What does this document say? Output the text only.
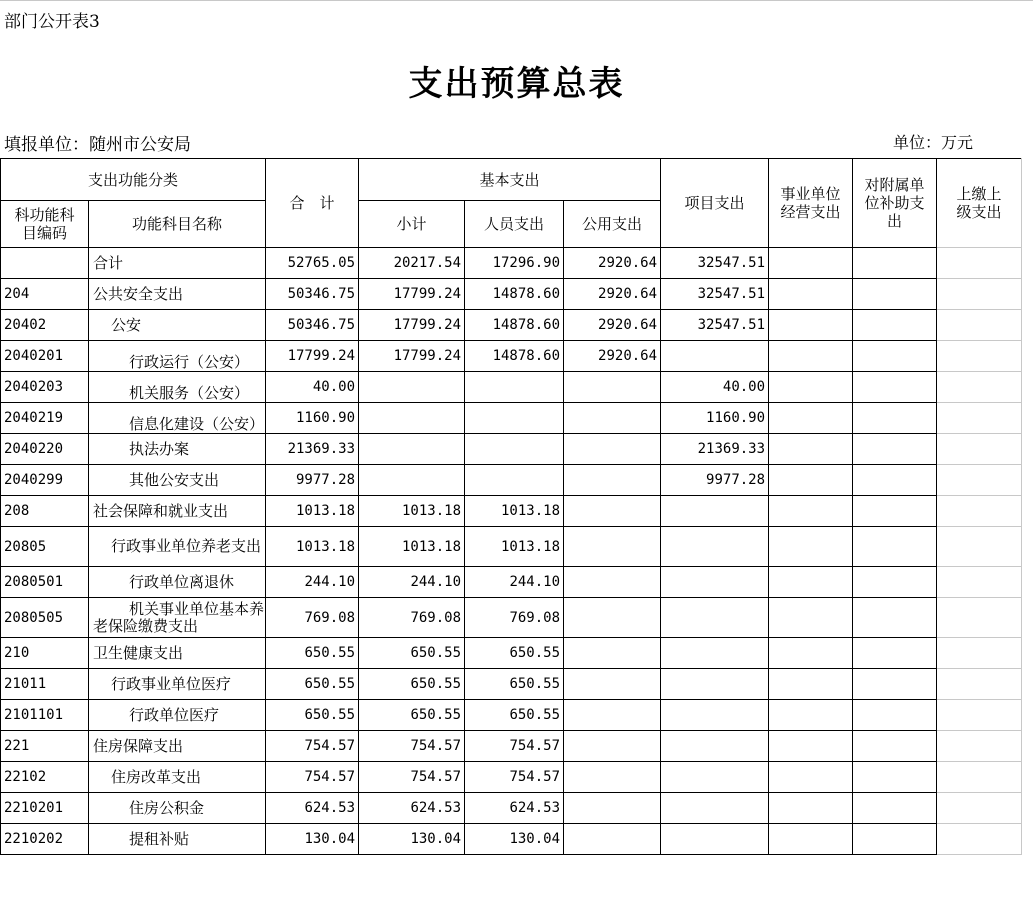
部门公开表3
支出预算总表
填报单位：随州市公安局	单位：万元
支出功能分类		合　计	基本支出			项目支出	事业单位经营支出	对附属单位补助支出	上缴上级支出
科功能科目编码	功能科目名称		小计	人员支出	公用支出				
	合计	52765.05	20217.54	17296.90	2920.64	32547.51			
204	公共安全支出	50346.75	17799.24	14878.60	2920.64	32547.51			
20402	公安	50346.75	17799.24	14878.60	2920.64	32547.51			
2040201	行政运行（公安）	17799.24	17799.24	14878.60	2920.64				
2040203	机关服务（公安）	40.00				40.00			
2040219	信息化建设（公安）	1160.90				1160.90			
2040220	执法办案	21369.33				21369.33			
2040299	其他公安支出	9977.28				9977.28			
208	社会保障和就业支出	1013.18	1013.18	1013.18					
20805	行政事业单位养老支出	1013.18	1013.18	1013.18					
2080501	行政单位离退休	244.10	244.10	244.10					
2080505	机关事业单位基本养老保险缴费支出	769.08	769.08	769.08					
210	卫生健康支出	650.55	650.55	650.55					
21011	行政事业单位医疗	650.55	650.55	650.55					
2101101	行政单位医疗	650.55	650.55	650.55					
221	住房保障支出	754.57	754.57	754.57					
22102	住房改革支出	754.57	754.57	754.57					
2210201	住房公积金	624.53	624.53	624.53					
2210202	提租补贴	130.04	130.04	130.04					
